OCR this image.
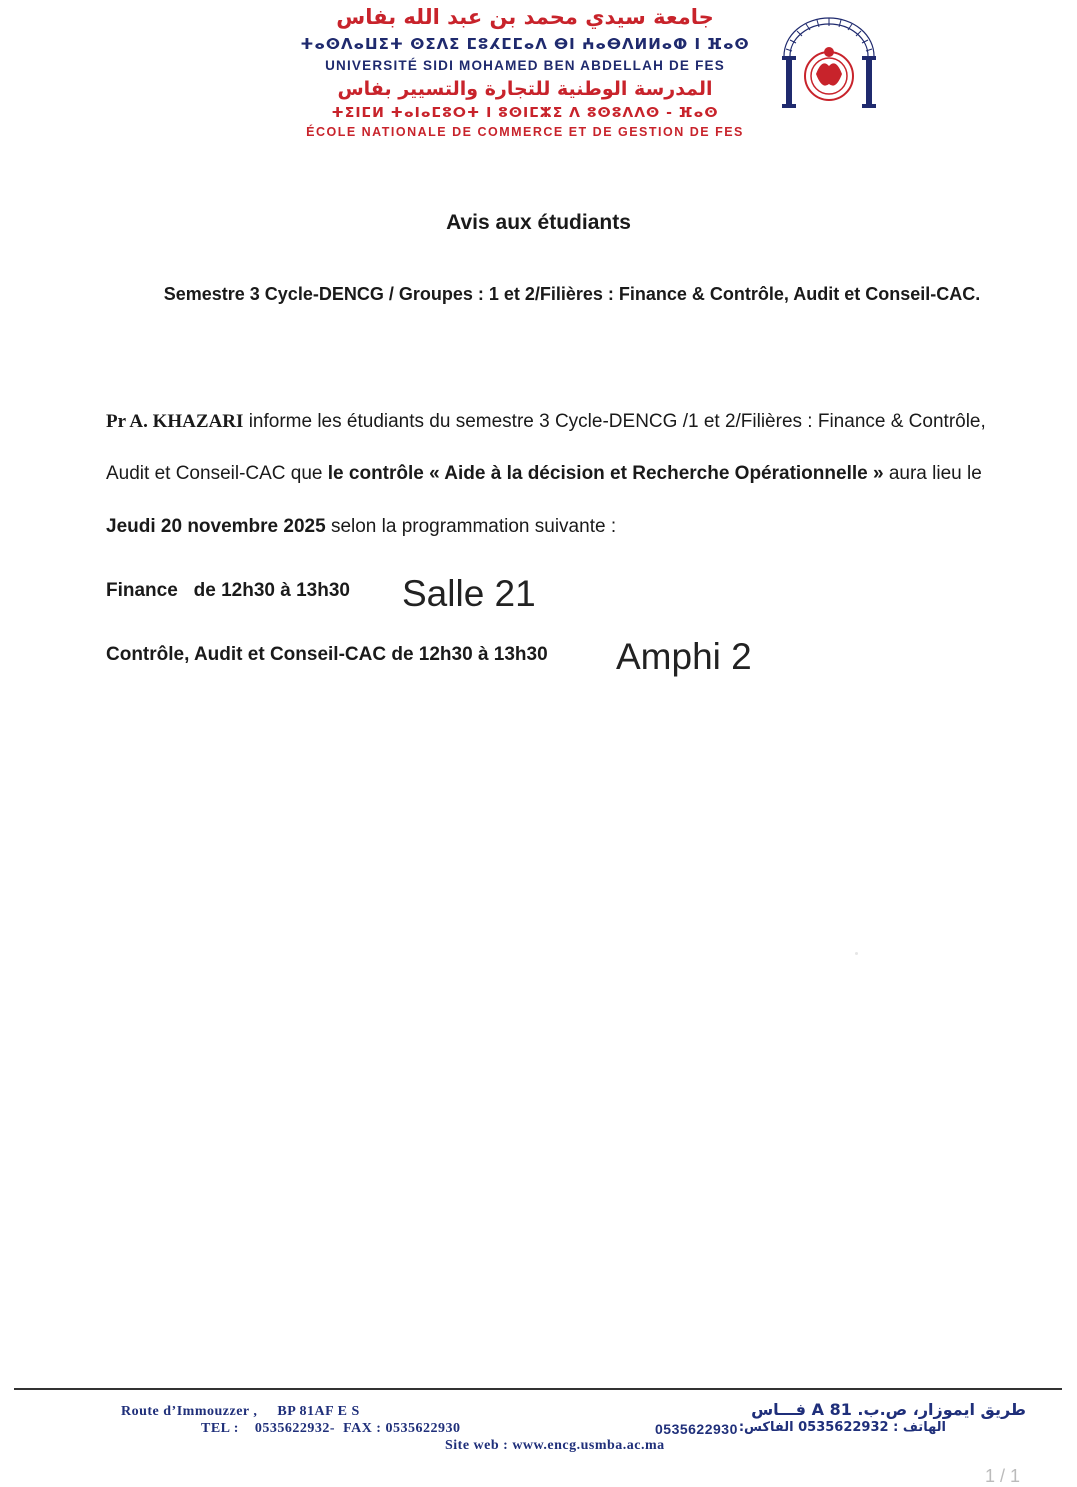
جامعة سيدي محمد بن عبد الله بفاس
ⵜⴰⵙⴷⴰⵡⵉⵜ ⵙⵉⴷⵉ ⵎⵓⵃⵎⵎⴰⴷ ⴱⵏ ⵄⴰⴱⴷⵍⵍⴰⵀ ⵏ ⴼⴰⵙ
UNIVERSITÉ SIDI MOHAMED BEN ABDELLAH DE FES
المدرسة الوطنية للتجارة والتسيير بفاس
ⵜⵉⵏⵎⵍ ⵜⴰⵏⴰⵎⵓⵔⵜ ⵏ ⵓⵙⵏⵎⵣⵉ ⴷ ⵓⵙⵓⴷⴷⵙ - ⴼⴰⵙ
ÉCOLE NATIONALE DE COMMERCE ET DE GESTION DE FES
Avis aux étudiants
Semestre 3 Cycle-DENCG / Groupes : 1 et 2/Filières : Finance & Contrôle, Audit et Conseil-CAC.
Pr A. KHAZARI informe les étudiants du semestre 3 Cycle-DENCG /1 et 2/Filières : Finance & Contrôle,
Audit et Conseil-CAC que le contrôle « Aide à la décision et Recherche Opérationnelle » aura lieu le
Jeudi 20 novembre 2025 selon la programmation suivante :
Finance   de 12h30 à 13h30 Salle 21
Contrôle, Audit et Conseil-CAC de 12h30 à 13h30 Amphi 2
Route d’Immouzzer ,     BP 81AF E S
TEL :    0535622932-  FAX : 0535622930
Site web : www.encg.usmba.ac.ma
طريق ايموزار، ص.ب. 81 A فـــاس
0535622930 الهاتف : 0535622932 الفاكس:
1 / 1
